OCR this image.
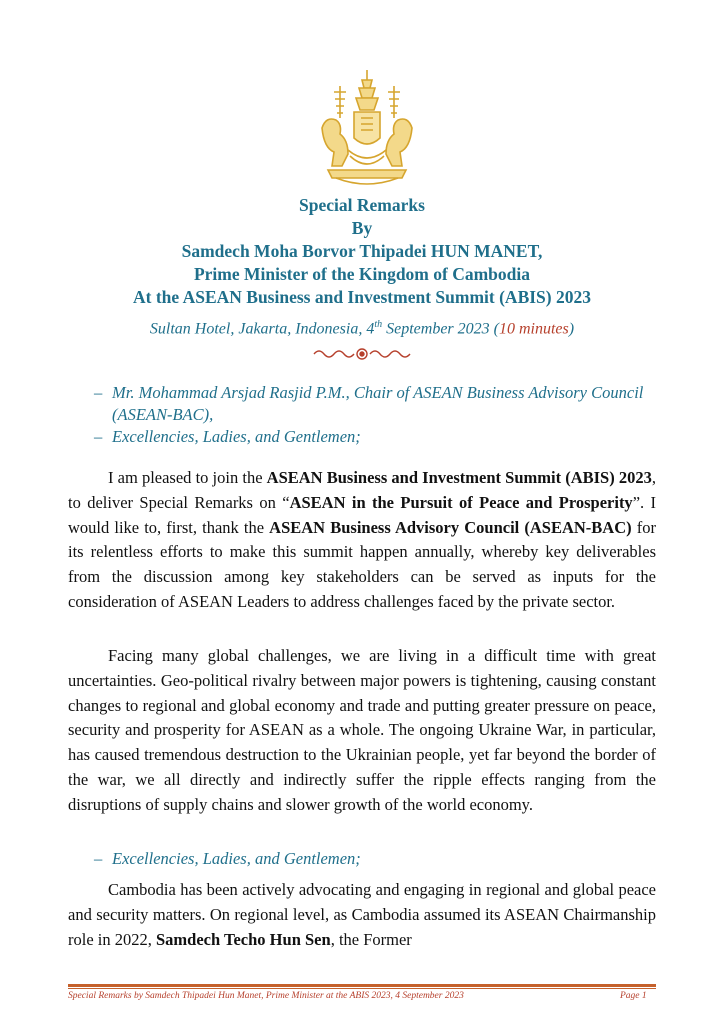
Special Remarks
By
Samdech Moha Borvor Thipadei HUN MANET,
Prime Minister of the Kingdom of Cambodia
At the ASEAN Business and Investment Summit (ABIS) 2023
Sultan Hotel, Jakarta, Indonesia, 4th September 2023 (10 minutes)
– Mr. Mohammad Arsjad Rasjid P.M., Chair of ASEAN Business Advisory Council (ASEAN-BAC),
– Excellencies, Ladies, and Gentlemen;
I am pleased to join the ASEAN Business and Investment Summit (ABIS) 2023, to deliver Special Remarks on “ASEAN in the Pursuit of Peace and Prosperity”. I would like to, first, thank the ASEAN Business Advisory Council (ASEAN-BAC) for its relentless efforts to make this summit happen annually, whereby key deliverables from the discussion among key stakeholders can be served as inputs for the consideration of ASEAN Leaders to address challenges faced by the private sector.
Facing many global challenges, we are living in a difficult time with great uncertainties. Geo-political rivalry between major powers is tightening, causing constant changes to regional and global economy and trade and putting greater pressure on peace, security and prosperity for ASEAN as a whole. The ongoing Ukraine War, in particular, has caused tremendous destruction to the Ukrainian people, yet far beyond the border of the war, we all directly and indirectly suffer the ripple effects ranging from the disruptions of supply chains and slower growth of the world economy.
– Excellencies, Ladies, and Gentlemen;
Cambodia has been actively advocating and engaging in regional and global peace and security matters. On regional level, as Cambodia assumed its ASEAN Chairmanship role in 2022, Samdech Techo Hun Sen, the Former
Special Remarks by Samdech Thipadei Hun Manet, Prime Minister at the ABIS 2023, 4 September 2023	Page 1
